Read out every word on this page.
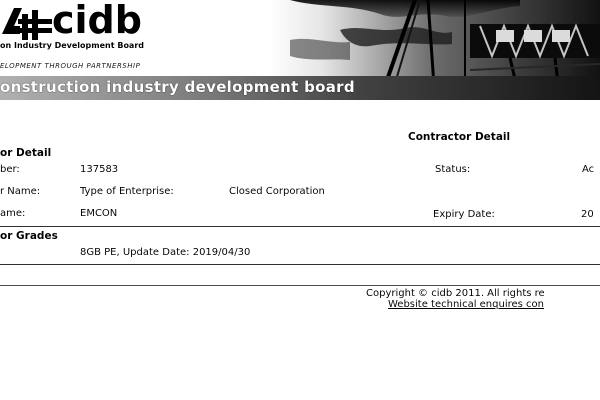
cidb
on Industry Development Board
ELOPMENT THROUGH PARTNERSHIP
onstruction industry development board
Contractor Detail
or Detail
ber:	137583	Status:	Ac
r Name:	Type of Enterprise:	Closed Corporation
ame:	EMCON	Expiry Date:	20
or Grades
8GB PE, Update Date: 2019/04/30
Copyright © cidb 2011. All rights re
Website technical enquires con
